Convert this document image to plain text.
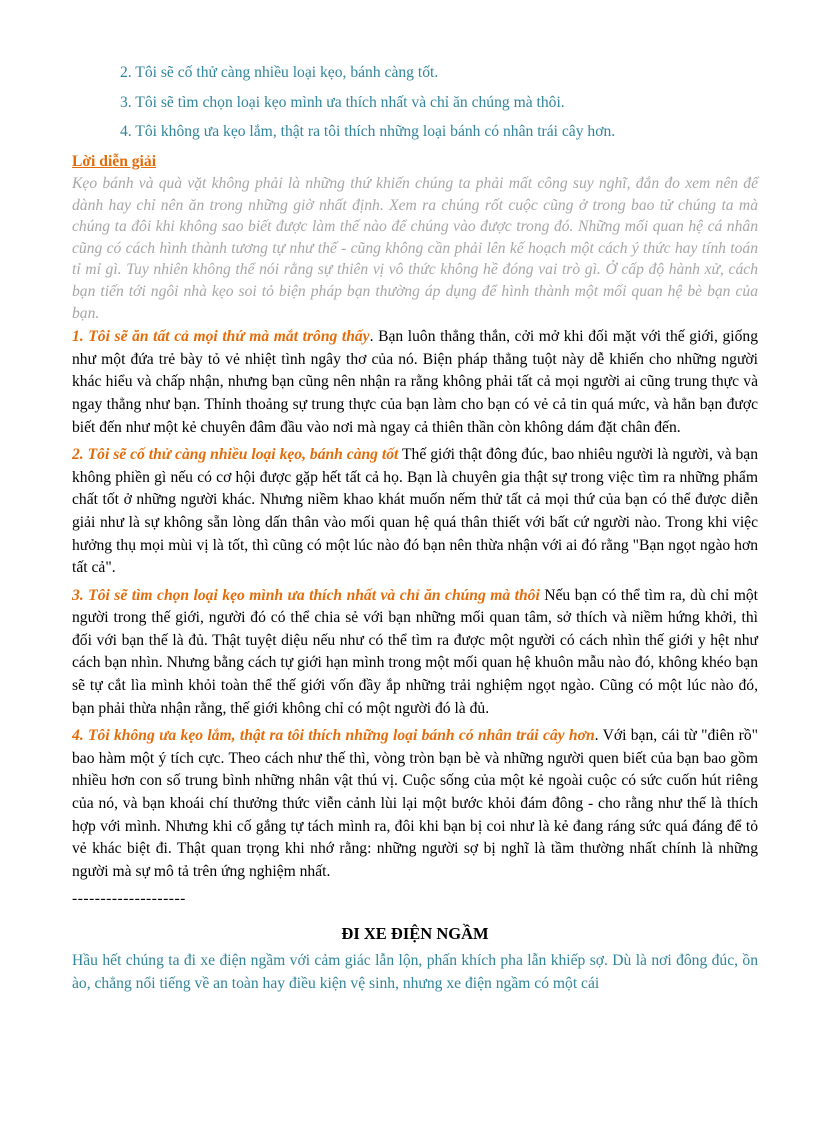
2. Tôi sẽ cố thử càng nhiều loại kẹo, bánh càng tốt.

3. Tôi sẽ tìm chọn loại kẹo mình ưa thích nhất và chỉ ăn chúng mà thôi.

4. Tôi không ưa kẹo lắm, thật ra tôi thích những loại bánh có nhân trái cây hơn.

Lời diễn giải

Kẹo bánh và quà vặt không phải là những thứ khiến chúng ta phải mất công suy nghĩ, đắn đo xem nên để dành hay chỉ nên ăn trong những giờ nhất định. Xem ra chúng rốt cuộc cũng ở trong bao tử chúng ta mà chúng ta đôi khi không sao biết được làm thế nào để chúng vào được trong đó. Những mối quan hệ cá nhân cũng có cách hình thành tương tự như thế - cũng không cần phải lên kế hoạch một cách ý thức hay tính toán tỉ mỉ gì. Tuy nhiên không thể nói rằng sự thiên vị vô thức không hề đóng vai trò gì. Ở cấp độ hành xử, cách bạn tiến tới ngôi nhà kẹo soi tỏ biện pháp bạn thường áp dụng để hình thành một mối quan hệ bè bạn của bạn.

1. Tôi sẽ ăn tất cả mọi thứ mà mắt trông thấy. Bạn luôn thẳng thắn, cởi mở khi đối mặt với thế giới, giống như một đứa trẻ bày tỏ vẻ nhiệt tình ngây thơ của nó. Biện pháp thẳng tuột này dễ khiến cho những người khác hiểu và chấp nhận, nhưng bạn cũng nên nhận ra rằng không phải tất cả mọi người ai cũng trung thực và ngay thẳng như bạn. Thỉnh thoảng sự trung thực của bạn làm cho bạn có vẻ cả tin quá mức, và hẳn bạn được biết đến như một kẻ chuyên đâm đầu vào nơi mà ngay cả thiên thần còn không dám đặt chân đến.

2. Tôi sẽ cố thử càng nhiều loại kẹo, bánh càng tốt Thế giới thật đông đúc, bao nhiêu người là người, và bạn không phiền gì nếu có cơ hội được gặp hết tất cả họ. Bạn là chuyên gia thật sự trong việc tìm ra những phẩm chất tốt ở những người khác. Nhưng niềm khao khát muốn nếm thử tất cả mọi thứ của bạn có thể được diễn giải như là sự không sẵn lòng dấn thân vào mối quan hệ quá thân thiết với bất cứ người nào. Trong khi việc hưởng thụ mọi mùi vị là tốt, thì cũng có một lúc nào đó bạn nên thừa nhận với ai đó rằng "Bạn ngọt ngào hơn tất cả".

3. Tôi sẽ tìm chọn loại kẹo mình ưa thích nhất và chỉ ăn chúng mà thôi Nếu bạn có thể tìm ra, dù chỉ một người trong thế giới, người đó có thể chia sẻ với bạn những mối quan tâm, sở thích và niềm hứng khởi, thì đối với bạn thế là đủ. Thật tuyệt diệu nếu như có thể tìm ra được một người có cách nhìn thế giới y hệt như cách bạn nhìn. Nhưng bằng cách tự giới hạn mình trong một mối quan hệ khuôn mẫu nào đó, không khéo bạn sẽ tự cắt lìa mình khỏi toàn thể thế giới vốn đầy ắp những trải nghiệm ngọt ngào. Cũng có một lúc nào đó, bạn phải thừa nhận rằng, thế giới không chỉ có một người đó là đủ.

4. Tôi không ưa kẹo lắm, thật ra tôi thích những loại bánh có nhân trái cây hơn. Với bạn, cái từ "điên rồ" bao hàm một ý tích cực. Theo cách như thế thì, vòng tròn bạn bè và những người quen biết của bạn bao gồm nhiều hơn con số trung bình những nhân vật thú vị. Cuộc sống của một kẻ ngoài cuộc có sức cuốn hút riêng của nó, và bạn khoái chí thưởng thức viễn cảnh lùi lại một bước khỏi đám đông - cho rằng như thế là thích hợp với mình. Nhưng khi cố gắng tự tách mình ra, đôi khi bạn bị coi như là kẻ đang ráng sức quá đáng để tỏ vẻ khác biệt đi. Thật quan trọng khi nhớ rằng: những người sợ bị nghĩ là tầm thường nhất chính là những người mà sự mô tả trên ứng nghiệm nhất.

--------------------

ĐI XE ĐIỆN NGẦM

Hầu hết chúng ta đi xe điện ngầm với cảm giác lẫn lộn, phấn khích pha lẫn khiếp sợ. Dù là nơi đông đúc, ồn ào, chẳng nổi tiếng về an toàn hay điều kiện vệ sinh, nhưng xe điện ngầm có một cái
